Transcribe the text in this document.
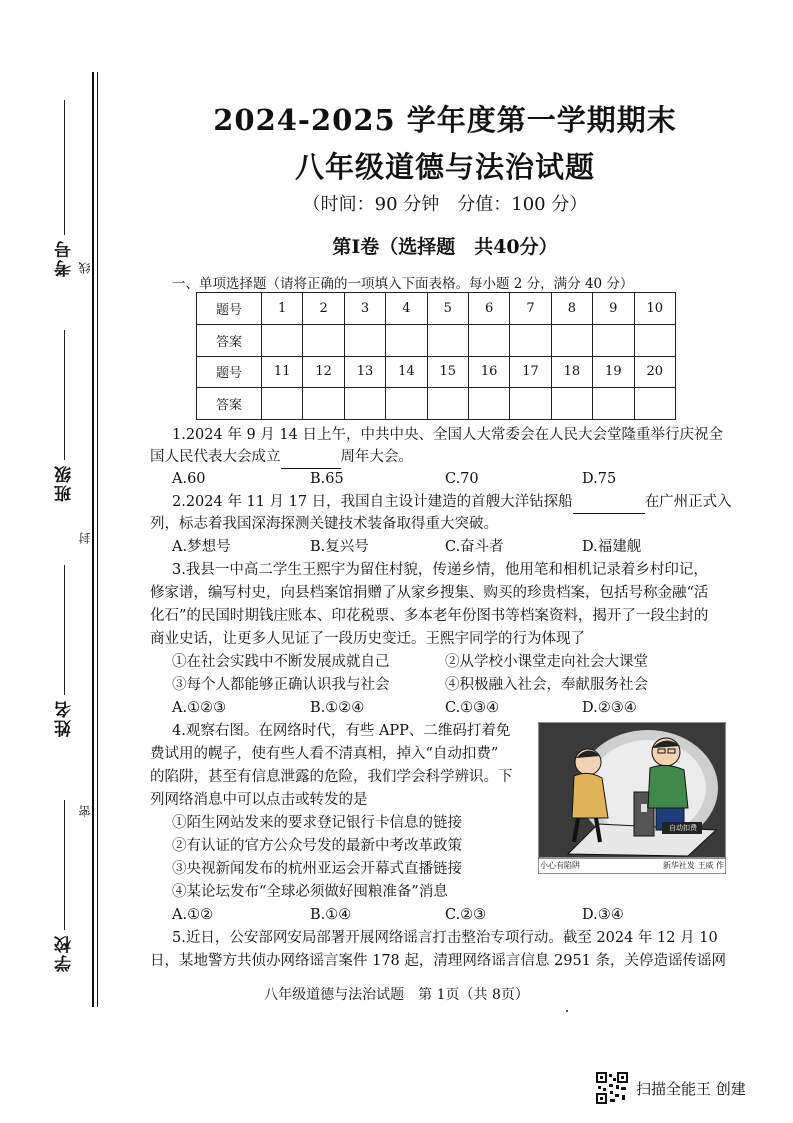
考号
班级
姓名
学校
线
封
密
2024-2025 学年度第一学期期末
八年级道德与法治试题
（时间：90 分钟　分值：100 分）
第Ⅰ卷（选择题　共40分）
一、单项选择题（请将正确的一项填入下面表格。每小题 2 分，满分 40 分）
题号	1	2	3	4	5	6	7	8	9	10
答案										
题号	11	12	13	14	15	16	17	18	19	20
答案										
1.2024 年 9 月 14 日上午，中共中央、全国人大常委会在人民大会堂隆重举行庆祝全
国人民代表大会成立	周年大会。
A.60	B.65	C.70	D.75
2.2024 年 11 月 17 日，我国自主设计建造的首艘大洋钻探船	在广州正式入
列，标志着我国深海探测关键技术装备取得重大突破。
A.梦想号	B.复兴号	C.奋斗者	D.福建舰
3.我县一中高二学生王熙宇为留住村貌，传递乡情，他用笔和相机记录着乡村印记，
修家谱，编写村史，向县档案馆捐赠了从家乡搜集、购买的珍贵档案，包括号称金融“活
化石”的民国时期钱庄账本、印花税票、多本老年份图书等档案资料，揭开了一段尘封的
商业史话，让更多人见证了一段历史变迁。王熙宇同学的行为体现了
①在社会实践中不断发展成就自己	②从学校小课堂走向社会大课堂
③每个人都能够正确认识我与社会	④积极融入社会，奉献服务社会
A.①②③	B.①②④	C.①③④	D.②③④
4.观察右图。在网络时代，有些 APP、二维码打着免
费试用的幌子，使有些人看不清真相，掉入“自动扣费”
的陷阱，甚至有信息泄露的危险，我们学会科学辨识。下
列网络消息中可以点击或转发的是
①陌生网站发来的要求登记银行卡信息的链接
②有认证的官方公众号发的最新中考改革政策
③央视新闻发布的杭州亚运会开幕式直播链接
④某论坛发布“全球必须做好囤粮准备”消息
A.①②	B.①④	C.②③	D.③④
自动扣费
小心有陷阱	新华社发 王威 作
5.近日，公安部网安局部署开展网络谣言打击整治专项行动。截至 2024 年 12 月 10
日，某地警方共侦办网络谣言案件 178 起，清理网络谣言信息 2951 条，关停造谣传谣网
八年级道德与法治试题　第 1页（共 8页）
扫描全能王 创建
